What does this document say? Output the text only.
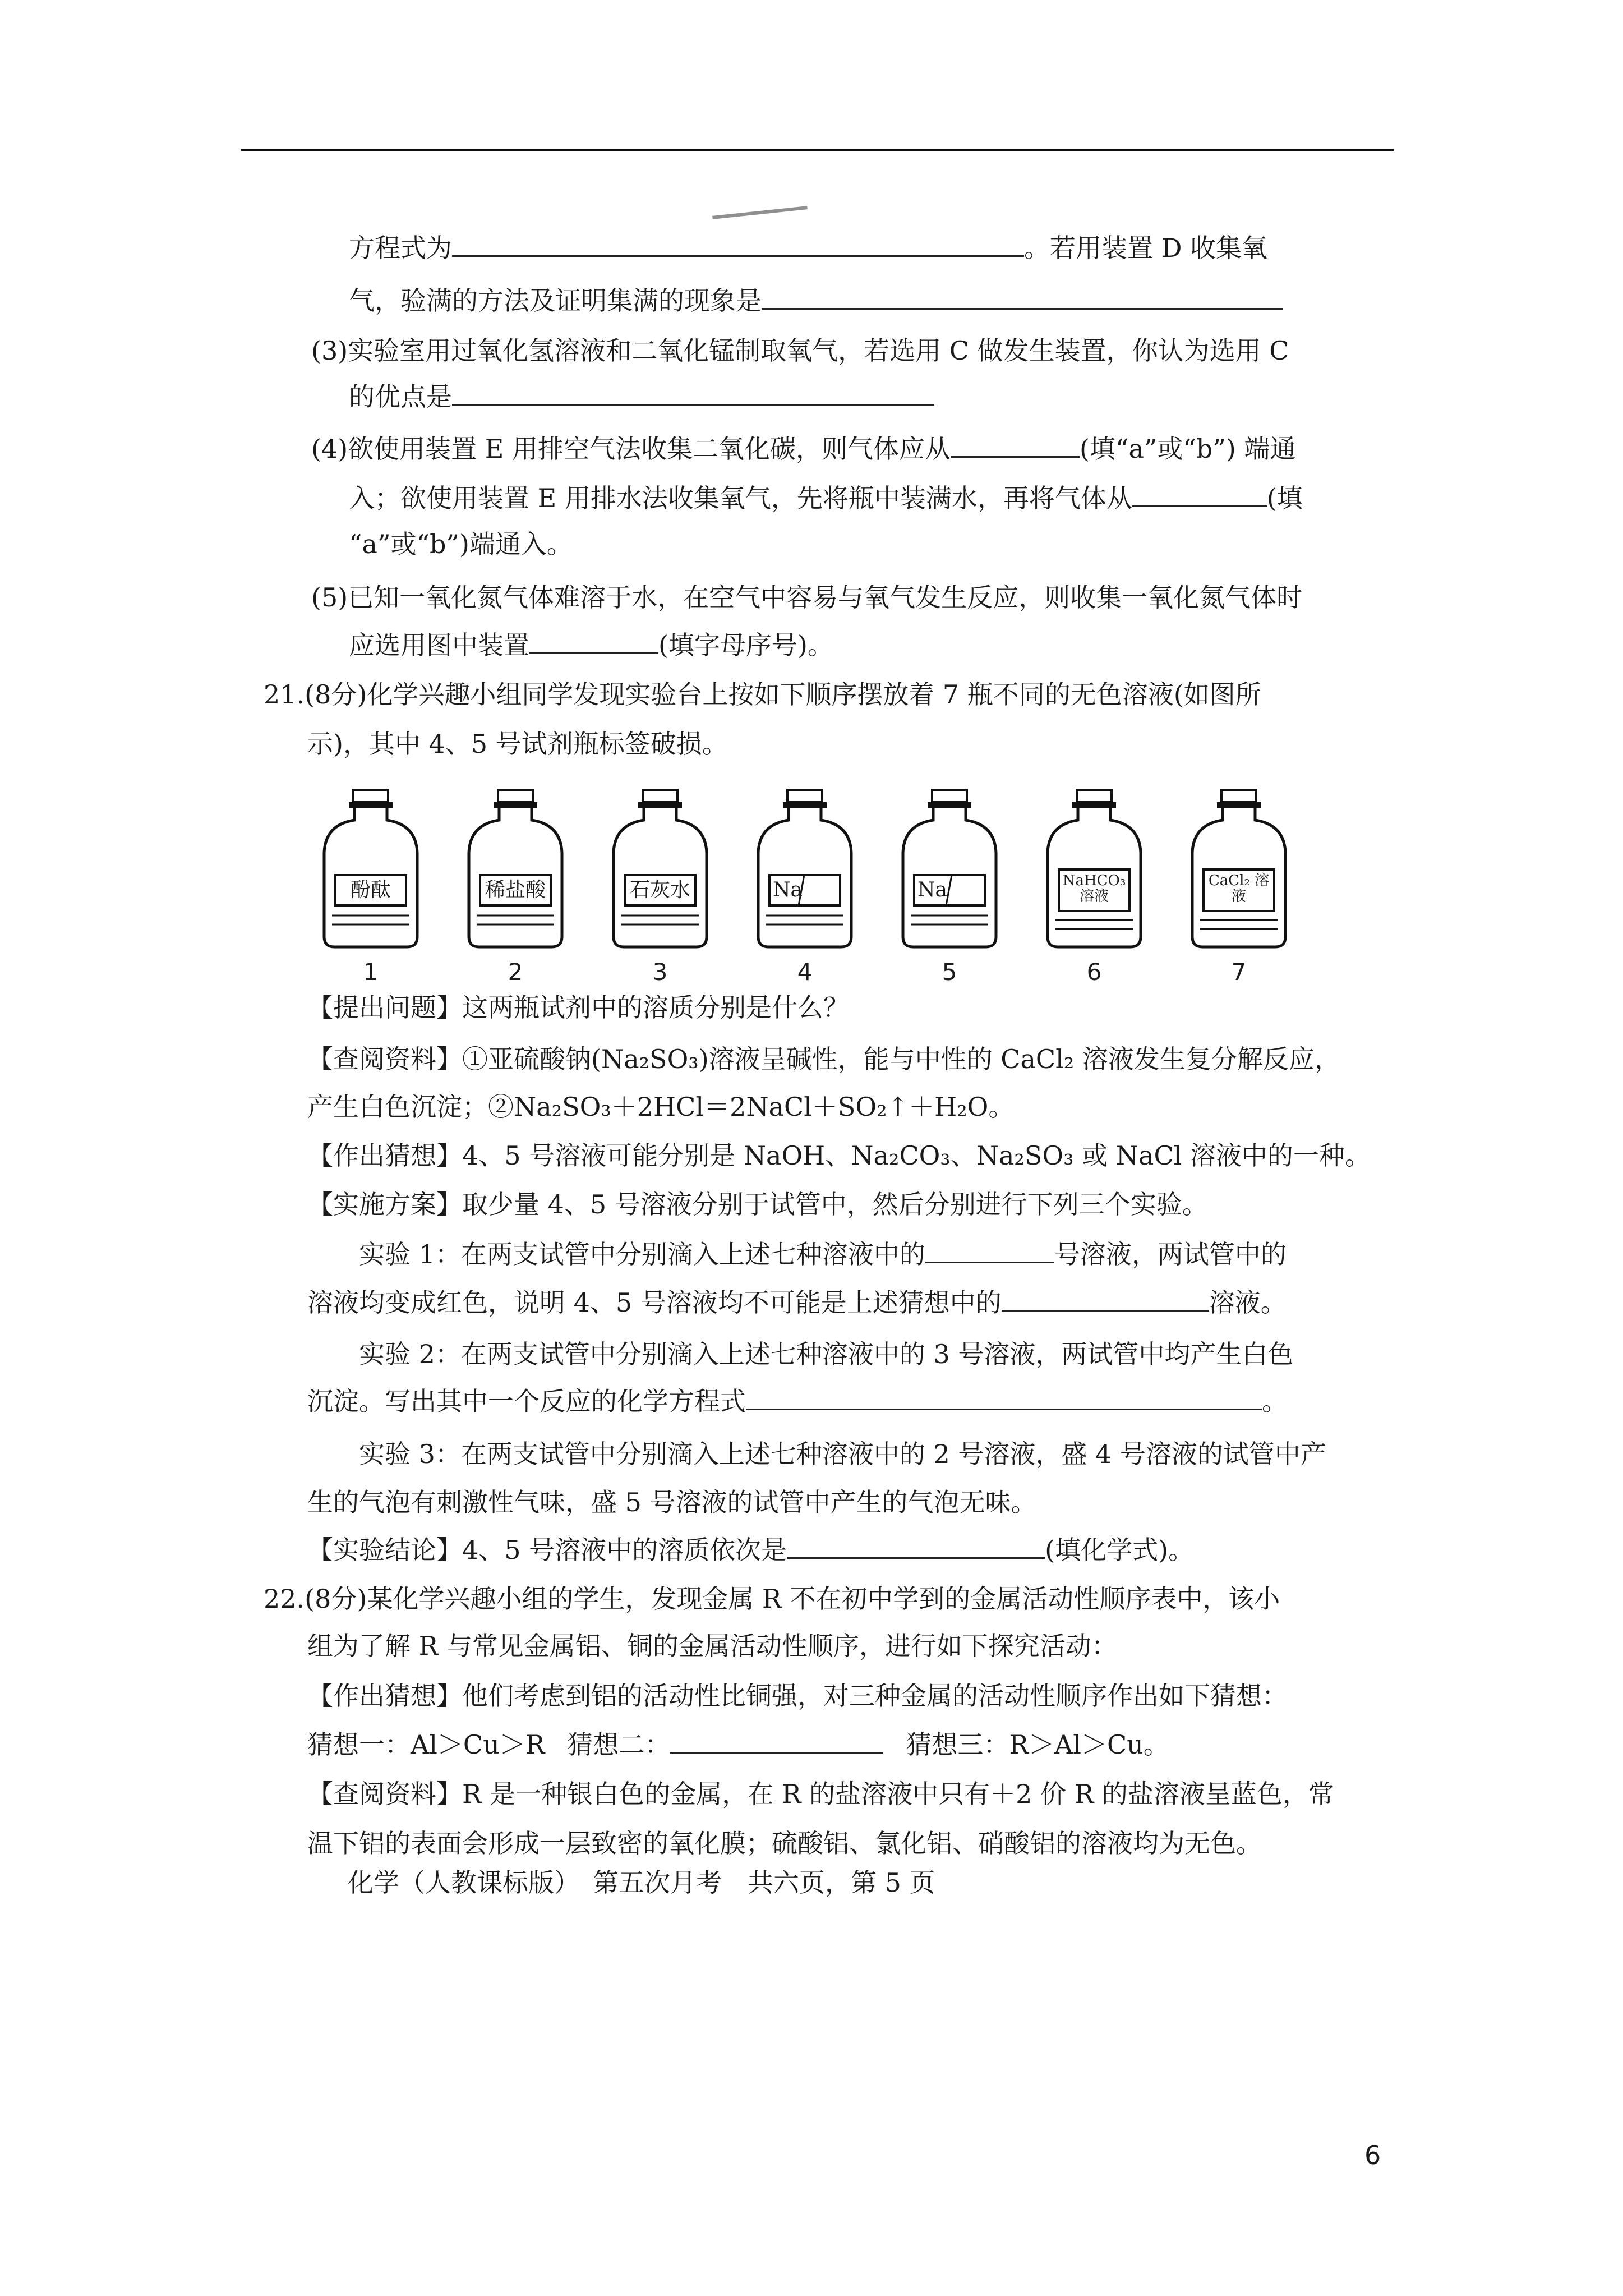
方程式为	。若用装置 D 收集氧
气，验满的方法及证明集满的现象是
(3)实验室用过氧化氢溶液和二氧化锰制取氧气，若选用 C 做发生装置，你认为选用 C
的优点是
(4)欲使用装置 E 用排空气法收集二氧化碳，则气体应从	(填“a”或“b”) 端通
入；欲使用装置 E 用排水法收集氧气，先将瓶中装满水，再将气体从	(填
“a”或“b”)端通入。
(5)已知一氧化氮气体难溶于水，在空气中容易与氧气发生反应，则收集一氧化氮气体时
应选用图中装置	(填字母序号)。
21.(8分)化学兴趣小组同学发现实验台上按如下顺序摆放着 7 瓶不同的无色溶液(如图所
示)，其中 4、5 号试剂瓶标签破损。
酚酞
1
稀盐酸
2
石灰水
3
Na
4
Na
5
NaHCO₃ 溶液
6
CaCl₂ 溶液
7
【提出问题】这两瓶试剂中的溶质分别是什么？
【查阅资料】①亚硫酸钠(Na₂SO₃)溶液呈碱性，能与中性的 CaCl₂ 溶液发生复分解反应，
产生白色沉淀；②Na₂SO₃＋2HCl＝2NaCl＋SO₂↑＋H₂O。
【作出猜想】4、5 号溶液可能分别是 NaOH、Na₂CO₃、Na₂SO₃ 或 NaCl 溶液中的一种。
【实施方案】取少量 4、5 号溶液分别于试管中，然后分别进行下列三个实验。
实验 1：在两支试管中分别滴入上述七种溶液中的	号溶液，两试管中的
溶液均变成红色，说明 4、5 号溶液均不可能是上述猜想中的	溶液。
实验 2：在两支试管中分别滴入上述七种溶液中的 3 号溶液，两试管中均产生白色
沉淀。写出其中一个反应的化学方程式	。
实验 3：在两支试管中分别滴入上述七种溶液中的 2 号溶液，盛 4 号溶液的试管中产
生的气泡有刺激性气味，盛 5 号溶液的试管中产生的气泡无味。
【实验结论】4、5 号溶液中的溶质依次是	(填化学式)。
22.(8分)某化学兴趣小组的学生，发现金属 R 不在初中学到的金属活动性顺序表中，该小
组为了解 R 与常见金属铝、铜的金属活动性顺序，进行如下探究活动：
【作出猜想】他们考虑到铝的活动性比铜强，对三种金属的活动性顺序作出如下猜想：
猜想一：Al＞Cu＞R 猜想二：	猜想三：R＞Al＞Cu。
【查阅资料】R 是一种银白色的金属，在 R 的盐溶液中只有＋2 价 R 的盐溶液呈蓝色，常
温下铝的表面会形成一层致密的氧化膜；硫酸铝、氯化铝、硝酸铝的溶液均为无色。
化学（人教课标版）　第五次月考　共六页，第 5 页
6
